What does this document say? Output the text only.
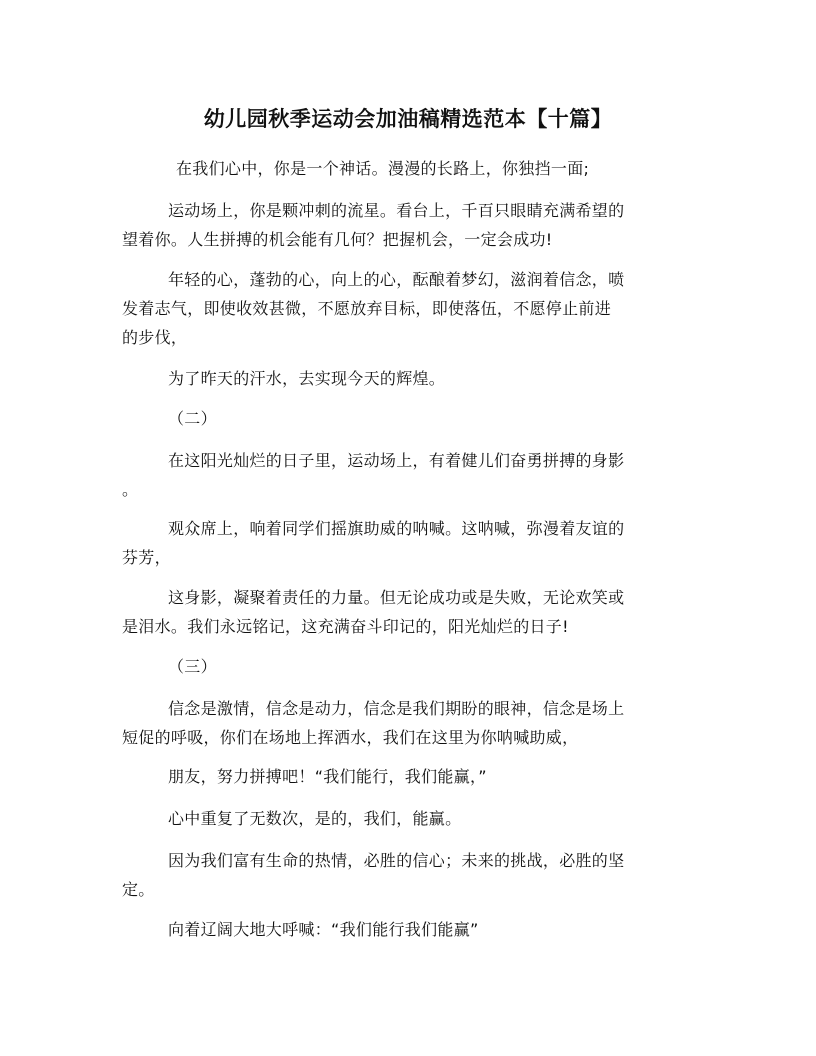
幼儿园秋季运动会加油稿精选范本【十篇】
在我们心中，你是一个神话。漫漫的长路上，你独挡一面;
运动场上，你是颗冲刺的流星。看台上，千百只眼睛充满希望的
望着你。人生拼搏的机会能有几何？把握机会，一定会成功!
年轻的心，蓬勃的心，向上的心，酝酿着梦幻，滋润着信念，喷
发着志气，即使收效甚微，不愿放弃目标，即使落伍，不愿停止前进
的步伐，
为了昨天的汗水，去实现今天的辉煌。
（二）
在这阳光灿烂的日子里，运动场上，有着健儿们奋勇拼搏的身影
。
观众席上，响着同学们摇旗助威的呐喊。这呐喊，弥漫着友谊的
芬芳，
这身影，凝聚着责任的力量。但无论成功或是失败，无论欢笑或
是泪水。我们永远铭记，这充满奋斗印记的，阳光灿烂的日子!
（三）
信念是激情，信念是动力，信念是我们期盼的眼神，信念是场上
短促的呼吸，你们在场地上挥洒水，我们在这里为你呐喊助威，
朋友，努力拼搏吧！“我们能行，我们能赢，”
心中重复了无数次，是的，我们，能赢。
因为我们富有生命的热情，必胜的信心；未来的挑战，必胜的坚
定。
向着辽阔大地大呼喊：“我们能行我们能赢”
